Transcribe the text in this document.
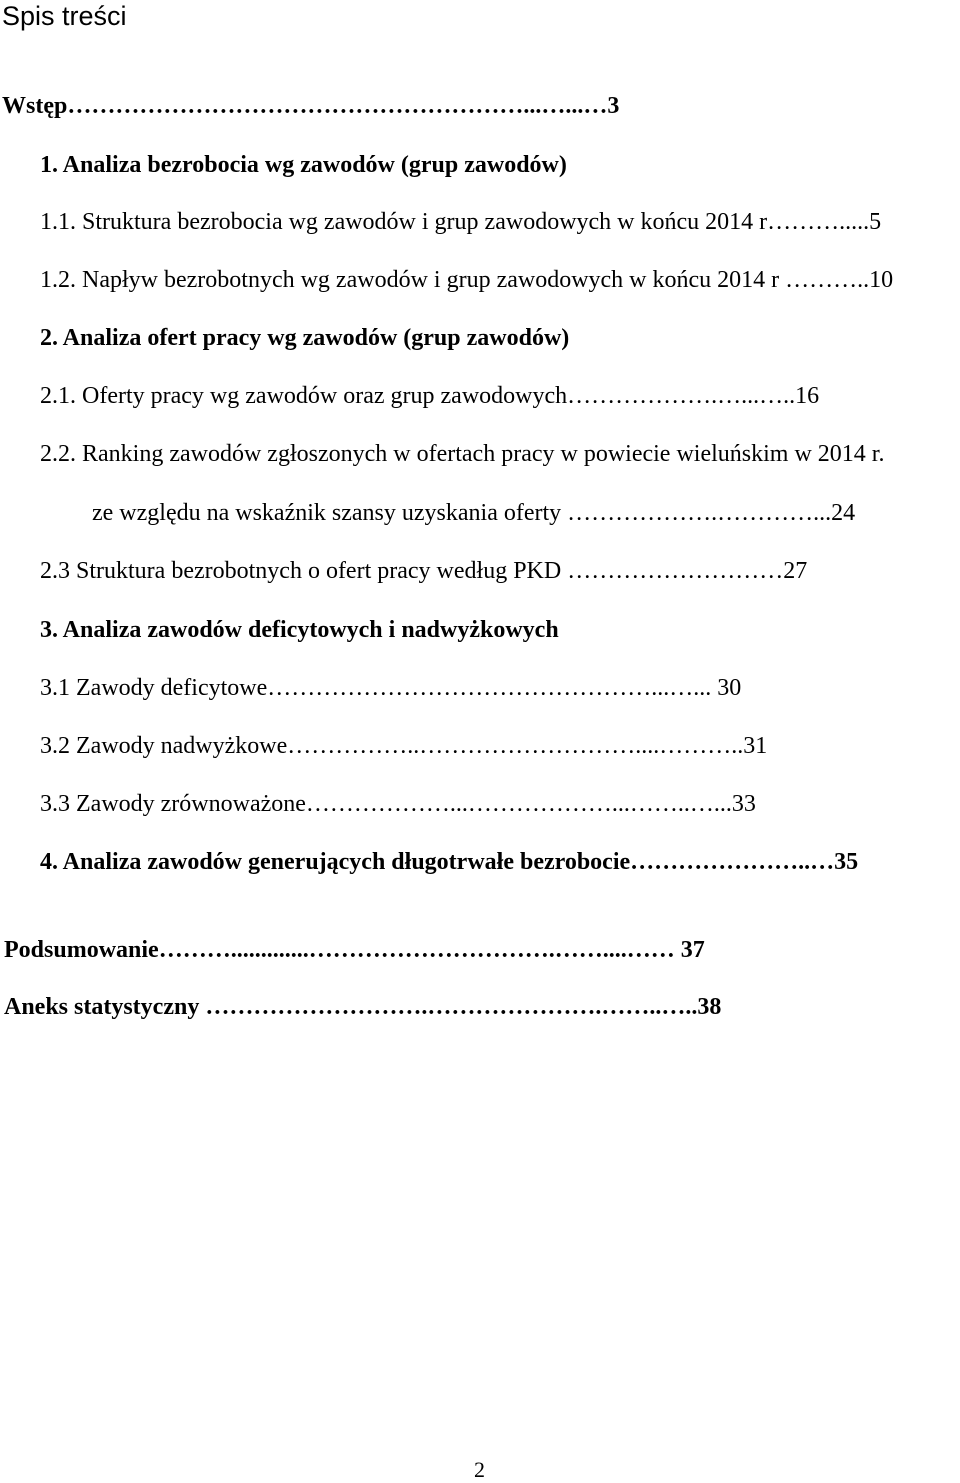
Spis treści
Wstęp…………………………………………………...…...…3
1. Analiza bezrobocia wg zawodów (grup zawodów)
1.1. Struktura bezrobocia wg zawodów i grup zawodowych w końcu 2014 r……….....5
1.2. Napływ bezrobotnych wg zawodów i grup zawodowych w końcu 2014 r ………..10
2. Analiza ofert pracy wg zawodów (grup zawodów)
2.1. Oferty pracy wg zawodów oraz grup zawodowych……………….…...…..16
2.2. Ranking zawodów zgłoszonych w ofertach pracy w powiecie wieluńskim w 2014 r.
ze względu na wskaźnik szansy uzyskania oferty ……………….…………...24
2.3 Struktura bezrobotnych o ofert pracy według PKD ………………………27
3. Analiza zawodów deficytowych i nadwyżkowych
3.1 Zawody deficytowe…………………………………………...…... 30
3.2 Zawody nadwyżkowe……………..………………………....………..31
3.3 Zawody zrównoważone………………...………………...……..…...33
4. Analiza zawodów generujących długotrwałe bezrobocie…………………..…35
Podsumowanie……….............………………………….……....…… 37
Aneks statystyczny ……………………….………………….……..…..38
2
